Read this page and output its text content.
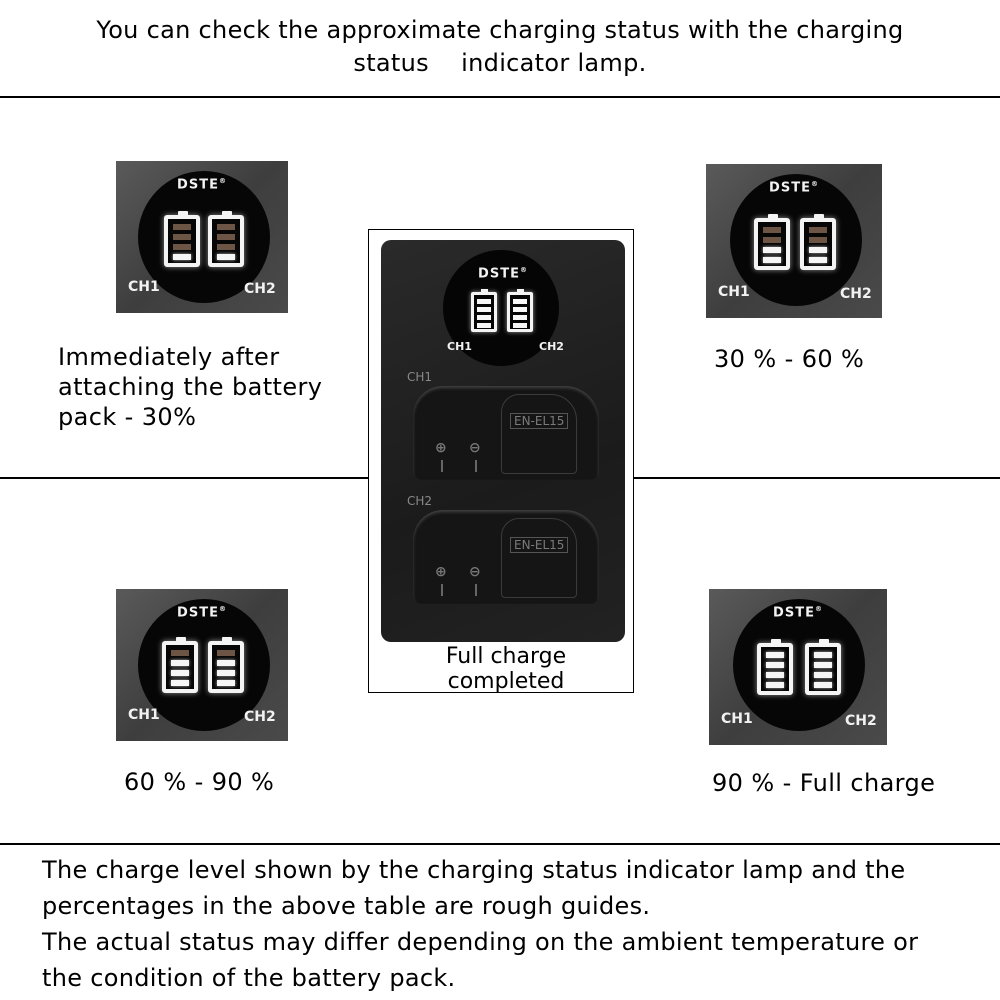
You can check the approximate charging status with the charging
status  indicator lamp.
DSTE®
CH1	CH2
Immediately after
attaching the battery
pack - 30%
DSTE®
CH1	CH2
30 % - 60 %
DSTE®
CH1	CH2
60 % - 90 %
DSTE®
CH1	CH2
90 % - Full charge
DSTE®
CH1	CH2
CH1
EN-EL15
⊕ ⊖
CH2
EN-EL15
⊕ ⊖
Full charge
completed
The charge level shown by the charging status indicator lamp and the
percentages in the above table are rough guides.
The actual status may differ depending on the ambient temperature or
the condition of the battery pack.
